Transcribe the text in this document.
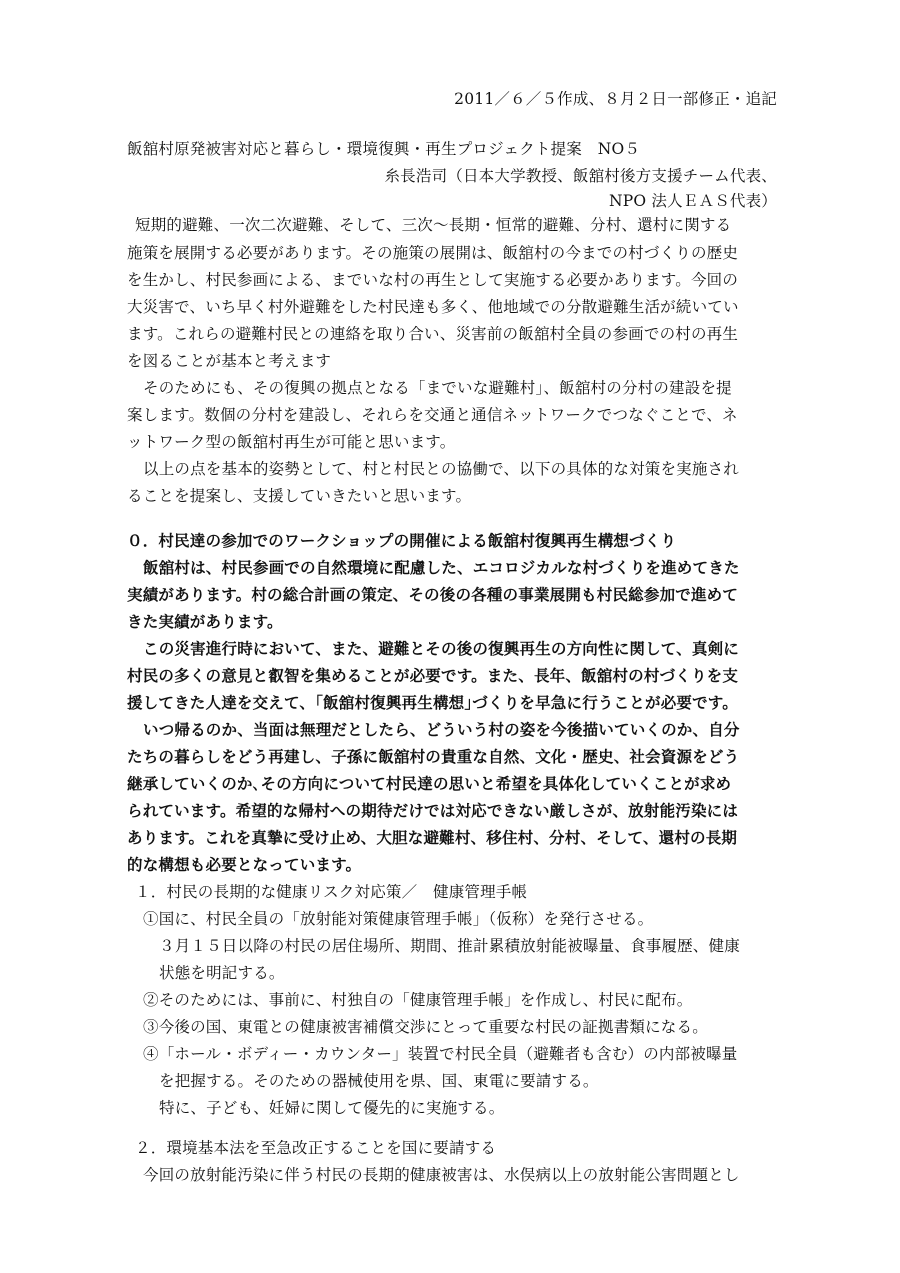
2011／６／５作成、８月２日一部修正・追記
飯舘村原発被害対応と暮らし・環境復興・再生プロジェクト提案　NO５
糸長浩司（日本大学教授、飯舘村後方支援チーム代表、
NPO 法人ＥＡＳ代表）
短期的避難、一次二次避難、そして、三次〜長期・恒常的避難、分村、還村に関する
施策を展開する必要があります。その施策の展開は、飯舘村の今までの村づくりの歴史
を生かし、村民参画による、までいな村の再生として実施する必要かあります。今回の
大災害で、いち早く村外避難をした村民達も多く、他地域での分散避難生活が続いてい
ます。これらの避難村民との連絡を取り合い、災害前の飯舘村全員の参画での村の再生
を図ることが基本と考えます
そのためにも、その復興の拠点となる「までいな避難村」、飯舘村の分村の建設を提
案します。数個の分村を建設し、それらを交通と通信ネットワークでつなぐことで、ネ
ットワーク型の飯舘村再生が可能と思います。
以上の点を基本的姿勢として、村と村民との協働で、以下の具体的な対策を実施され
ることを提案し、支援していきたいと思います。
０．村民達の参加でのワークショップの開催による飯舘村復興再生構想づくり
飯舘村は、村民参画での自然環境に配慮した、エコロジカルな村づくりを進めてきた
実績があります。村の総合計画の策定、その後の各種の事業展開も村民総参加で進めて
きた実績があります。
この災害進行時において、また、避難とその後の復興再生の方向性に関して、真剣に
村民の多くの意見と叡智を集めることが必要です。また、長年、飯舘村の村づくりを支
援してきた人達を交えて、｢飯舘村復興再生構想｣づくりを早急に行うことが必要です。
いつ帰るのか、当面は無理だとしたら、どういう村の姿を今後描いていくのか、自分
たちの暮らしをどう再建し、子孫に飯舘村の貴重な自然、文化・歴史、社会資源をどう
継承していくのか､その方向について村民達の思いと希望を具体化していくことが求め
られています。希望的な帰村への期待だけでは対応できない厳しさが、放射能汚染には
あります。これを真摯に受け止め、大胆な避難村、移住村、分村、そして、還村の長期
的な構想も必要となっています。
１．村民の長期的な健康リスク対応策／　健康管理手帳
①国に、村民全員の「放射能対策健康管理手帳」（仮称）を発行させる。
３月１５日以降の村民の居住場所、期間、推計累積放射能被曝量、食事履歴、健康
状態を明記する。
②そのためには、事前に、村独自の「健康管理手帳」を作成し、村民に配布。
③今後の国、東電との健康被害補償交渉にとって重要な村民の証拠書類になる。
④「ホール・ボディー・カウンター」装置で村民全員（避難者も含む）の内部被曝量
を把握する。そのための器械使用を県、国、東電に要請する。
特に、子ども、妊婦に関して優先的に実施する。
２．環境基本法を至急改正することを国に要請する
今回の放射能汚染に伴う村民の長期的健康被害は、水俣病以上の放射能公害問題とし
